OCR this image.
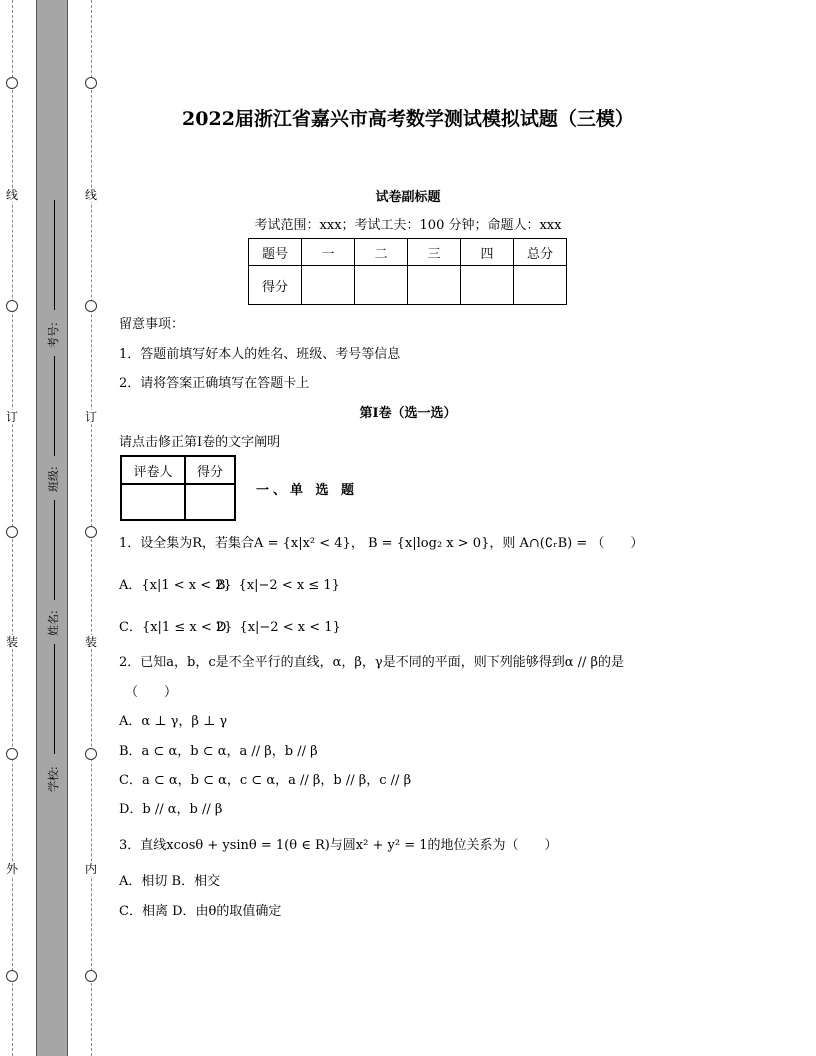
线
订
装
外
线
订
装
内
考号:
班级:
姓名:
学校:
2022届浙江省嘉兴市高考数学测试模拟试题（三模）
试卷副标题
考试范围：xxx；考试工夫：100 分钟；命题人：xxx
题号	一	二	三	四	总分
得分					
留意事项：
1．答题前填写好本人的姓名、班级、考号等信息
2．请将答案正确填写在答题卡上
第I卷（选一选）
请点击修正第I卷的文字阐明
评卷人	得分

一、单 选 题
1．设全集为R，若集合A = {x|x² < 4}， B = {x|log₂ x > 0}，则 A∩(∁ᵣB) = （　　）
A．{x|1 < x < 2}
B．{x|−2 < x ≤ 1}
C．{x|1 ≤ x < 2}
D．{x|−2 < x < 1}
2．已知a，b，c是不全平行的直线，α，β，γ是不同的平面，则下列能够得到α // β的是
（　　）
A．α ⊥ γ，β ⊥ γ
B．a ⊂ α，b ⊂ α，a // β，b // β
C．a ⊂ α，b ⊂ α，c ⊂ α，a // β，b // β，c // β
D．b // α，b // β
3．直线xcosθ + ysinθ = 1(θ ∈ R)与圆x² + y² = 1的地位关系为（　　）
A．相切 B．相交
C．相离 D．由θ的取值确定
